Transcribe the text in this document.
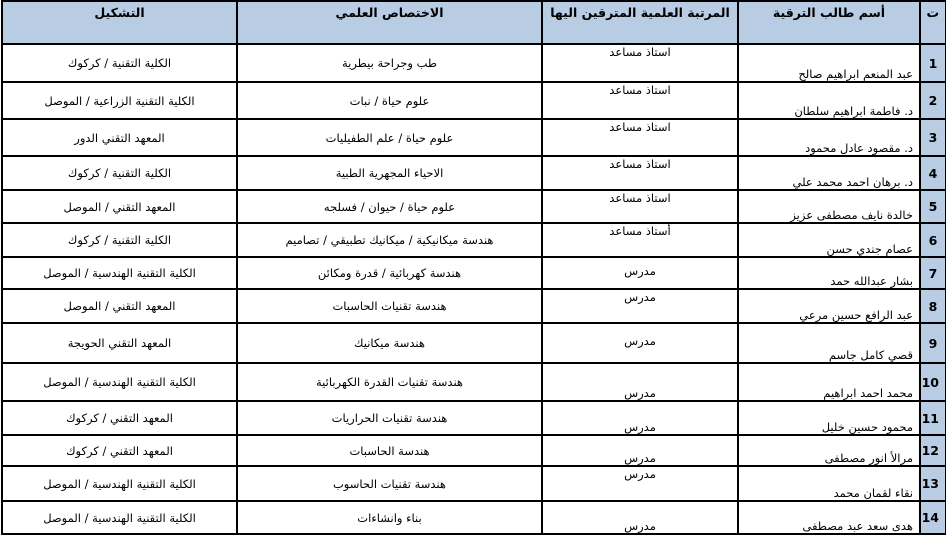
ت	أسم طالب الترقية	المرتبة العلمية المترقين اليها	الاختصاص العلمي	التشكيل
1	عبد المنعم ابراهيم صالح	استاذ مساعد	طب وجراحة بيطرية	الكلية التقنية / كركوك
2	د. فاطمة ابراهيم سلطان	استاذ مساعد	علوم حياة / نبات	الكلية التقنية الزراعية / الموصل
3	د. مقصود عادل محمود	استاذ مساعد	علوم حياة / علم الطفيليات	المعهد التقني الدور
4	د. برهان احمد محمد علي	استاذ مساعد	الاحياء المجهرية الطبية	الكلية التقنية / كركوك
5	خالدة نايف مصطفى عزيز	استاذ مساعد	علوم حياة / حيوان / فسلجه	المعهد التقني / الموصل
6	عصام جندي حسن	أستاذ مساعد	هندسة ميكانيكية / ميكانيك تطبيقي / تصاميم	الكلية التقنية / كركوك
7	بشار عبدالله حمد	مدرس	هندسة كهربائية / قدرة ومكائن	الكلية التقنية الهندسية / الموصل
8	عبد الرافع حسين مرعي	مدرس	هندسة تقنيات الحاسبات	المعهد التقني / الموصل
9	قصي كامل جاسم	مدرس	هندسة ميكانيك	المعهد التقني الحويجة
10	محمد احمد ابراهيم	مدرس	هندسة تقنيات القدرة الكهربائية	الكلية التقنية الهندسية / الموصل
11	محمود حسين خليل	مدرس	هندسة تقنيات الحراريات	المعهد التقني / كركوك
12	مرالأ انور مصطفى	مدرس	هندسة الحاسبات	المعهد التقني / كركوك
13	نقاء لقمان محمد	مدرس	هندسة تقنيات الحاسوب	الكلية التقنية الهندسية / الموصل
14	هدى سعد عبد مصطفى	مدرس	بناء وانشاءات	الكلية التقنية الهندسية / الموصل
